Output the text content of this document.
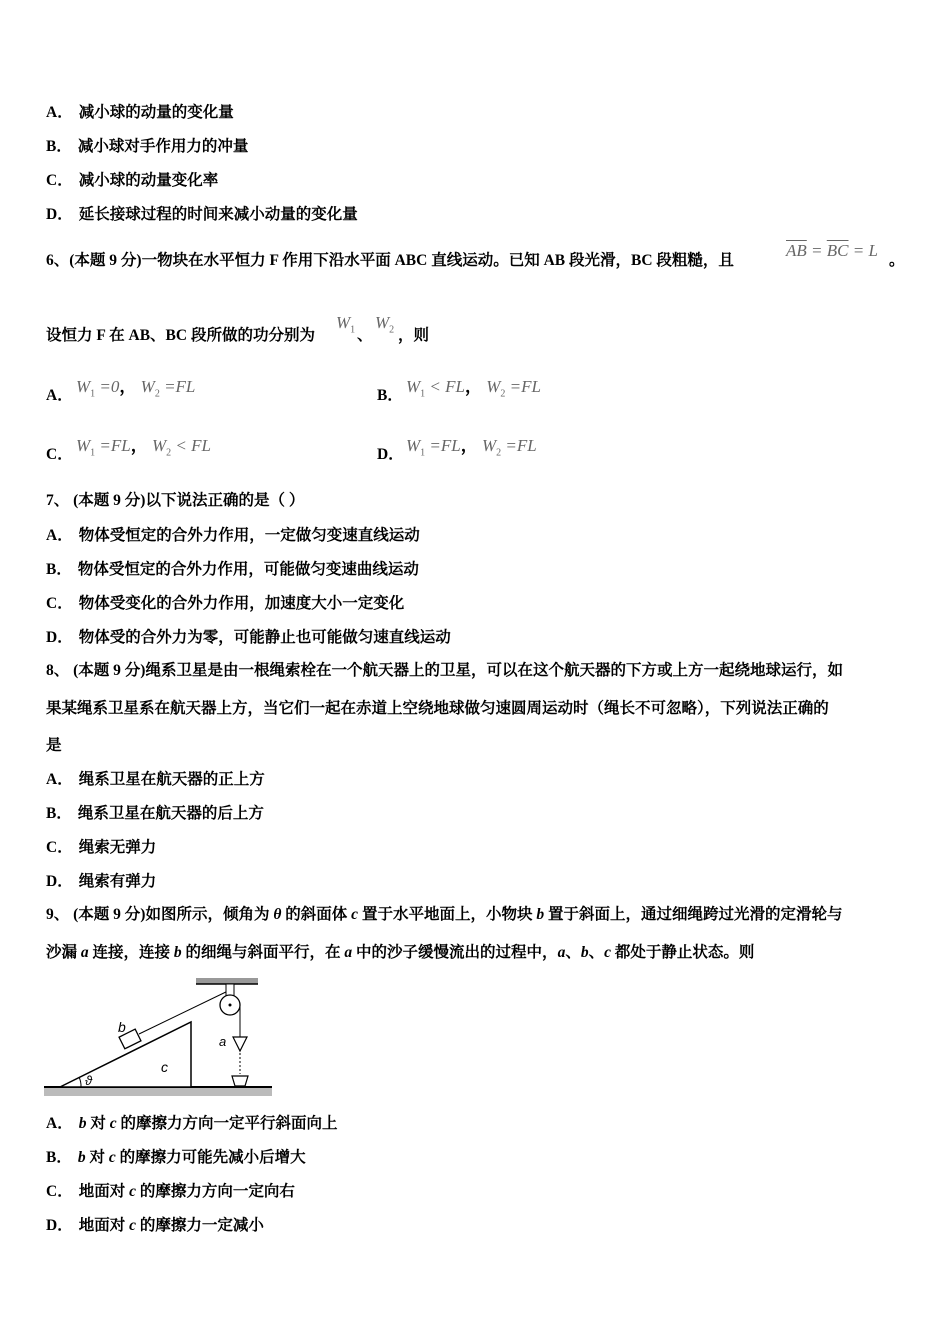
A． 减小球的动量的变化量
B． 减小球对手作用力的冲量
C． 减小球的动量变化率
D． 延长接球过程的时间来减小动量的变化量
6、(本题 9 分)一物块在水平恒力 F 作用下沿水平面 ABC 直线运动。已知 AB 段光滑，BC 段粗糙，且
$\overline{AB} = \overline{BC} = L$
。
设恒力 F 在 AB、BC 段所做的功分别为
$W_1$ 、
$W_2$ ，则
A． $W_1 =0$， $W_2 =FL$	B． $W_1$ < FL， $W_2 =FL$
C． $W_1 =FL$， $W_2$ < FL	D． $W_1 =FL$， $W_2 =FL$
7、 (本题 9 分)以下说法正确的是（ ）
A． 物体受恒定的合外力作用，一定做匀变速直线运动
B． 物体受恒定的合外力作用，可能做匀变速曲线运动
C． 物体受变化的合外力作用，加速度大小一定变化
D． 物体受的合外力为零，可能静止也可能做匀速直线运动
8、 (本题 9 分)绳系卫星是由一根绳索栓在一个航天器上的卫星，可以在这个航天器的下方或上方一起绕地球运行，如
果某绳系卫星系在航天器上方，当它们一起在赤道上空绕地球做匀速圆周运动时（绳长不可忽略），下列说法正确的
是
A． 绳系卫星在航天器的正上方
B． 绳系卫星在航天器的后上方
C． 绳索无弹力
D． 绳索有弹力
9、 (本题 9 分)如图所示，倾角为 θ 的斜面体 c 置于水平地面上，小物块 b 置于斜面上，通过细绳跨过光滑的定滑轮与
沙漏 a 连接，连接 b 的细绳与斜面平行，在 a 中的沙子缓慢流出的过程中，a、b、c 都处于静止状态。则
ϑ
c
b
a
A． b 对 c 的摩擦力方向一定平行斜面向上
B． b 对 c 的摩擦力可能先减小后增大
C． 地面对 c 的摩擦力方向一定向右
D． 地面对 c 的摩擦力一定减小
